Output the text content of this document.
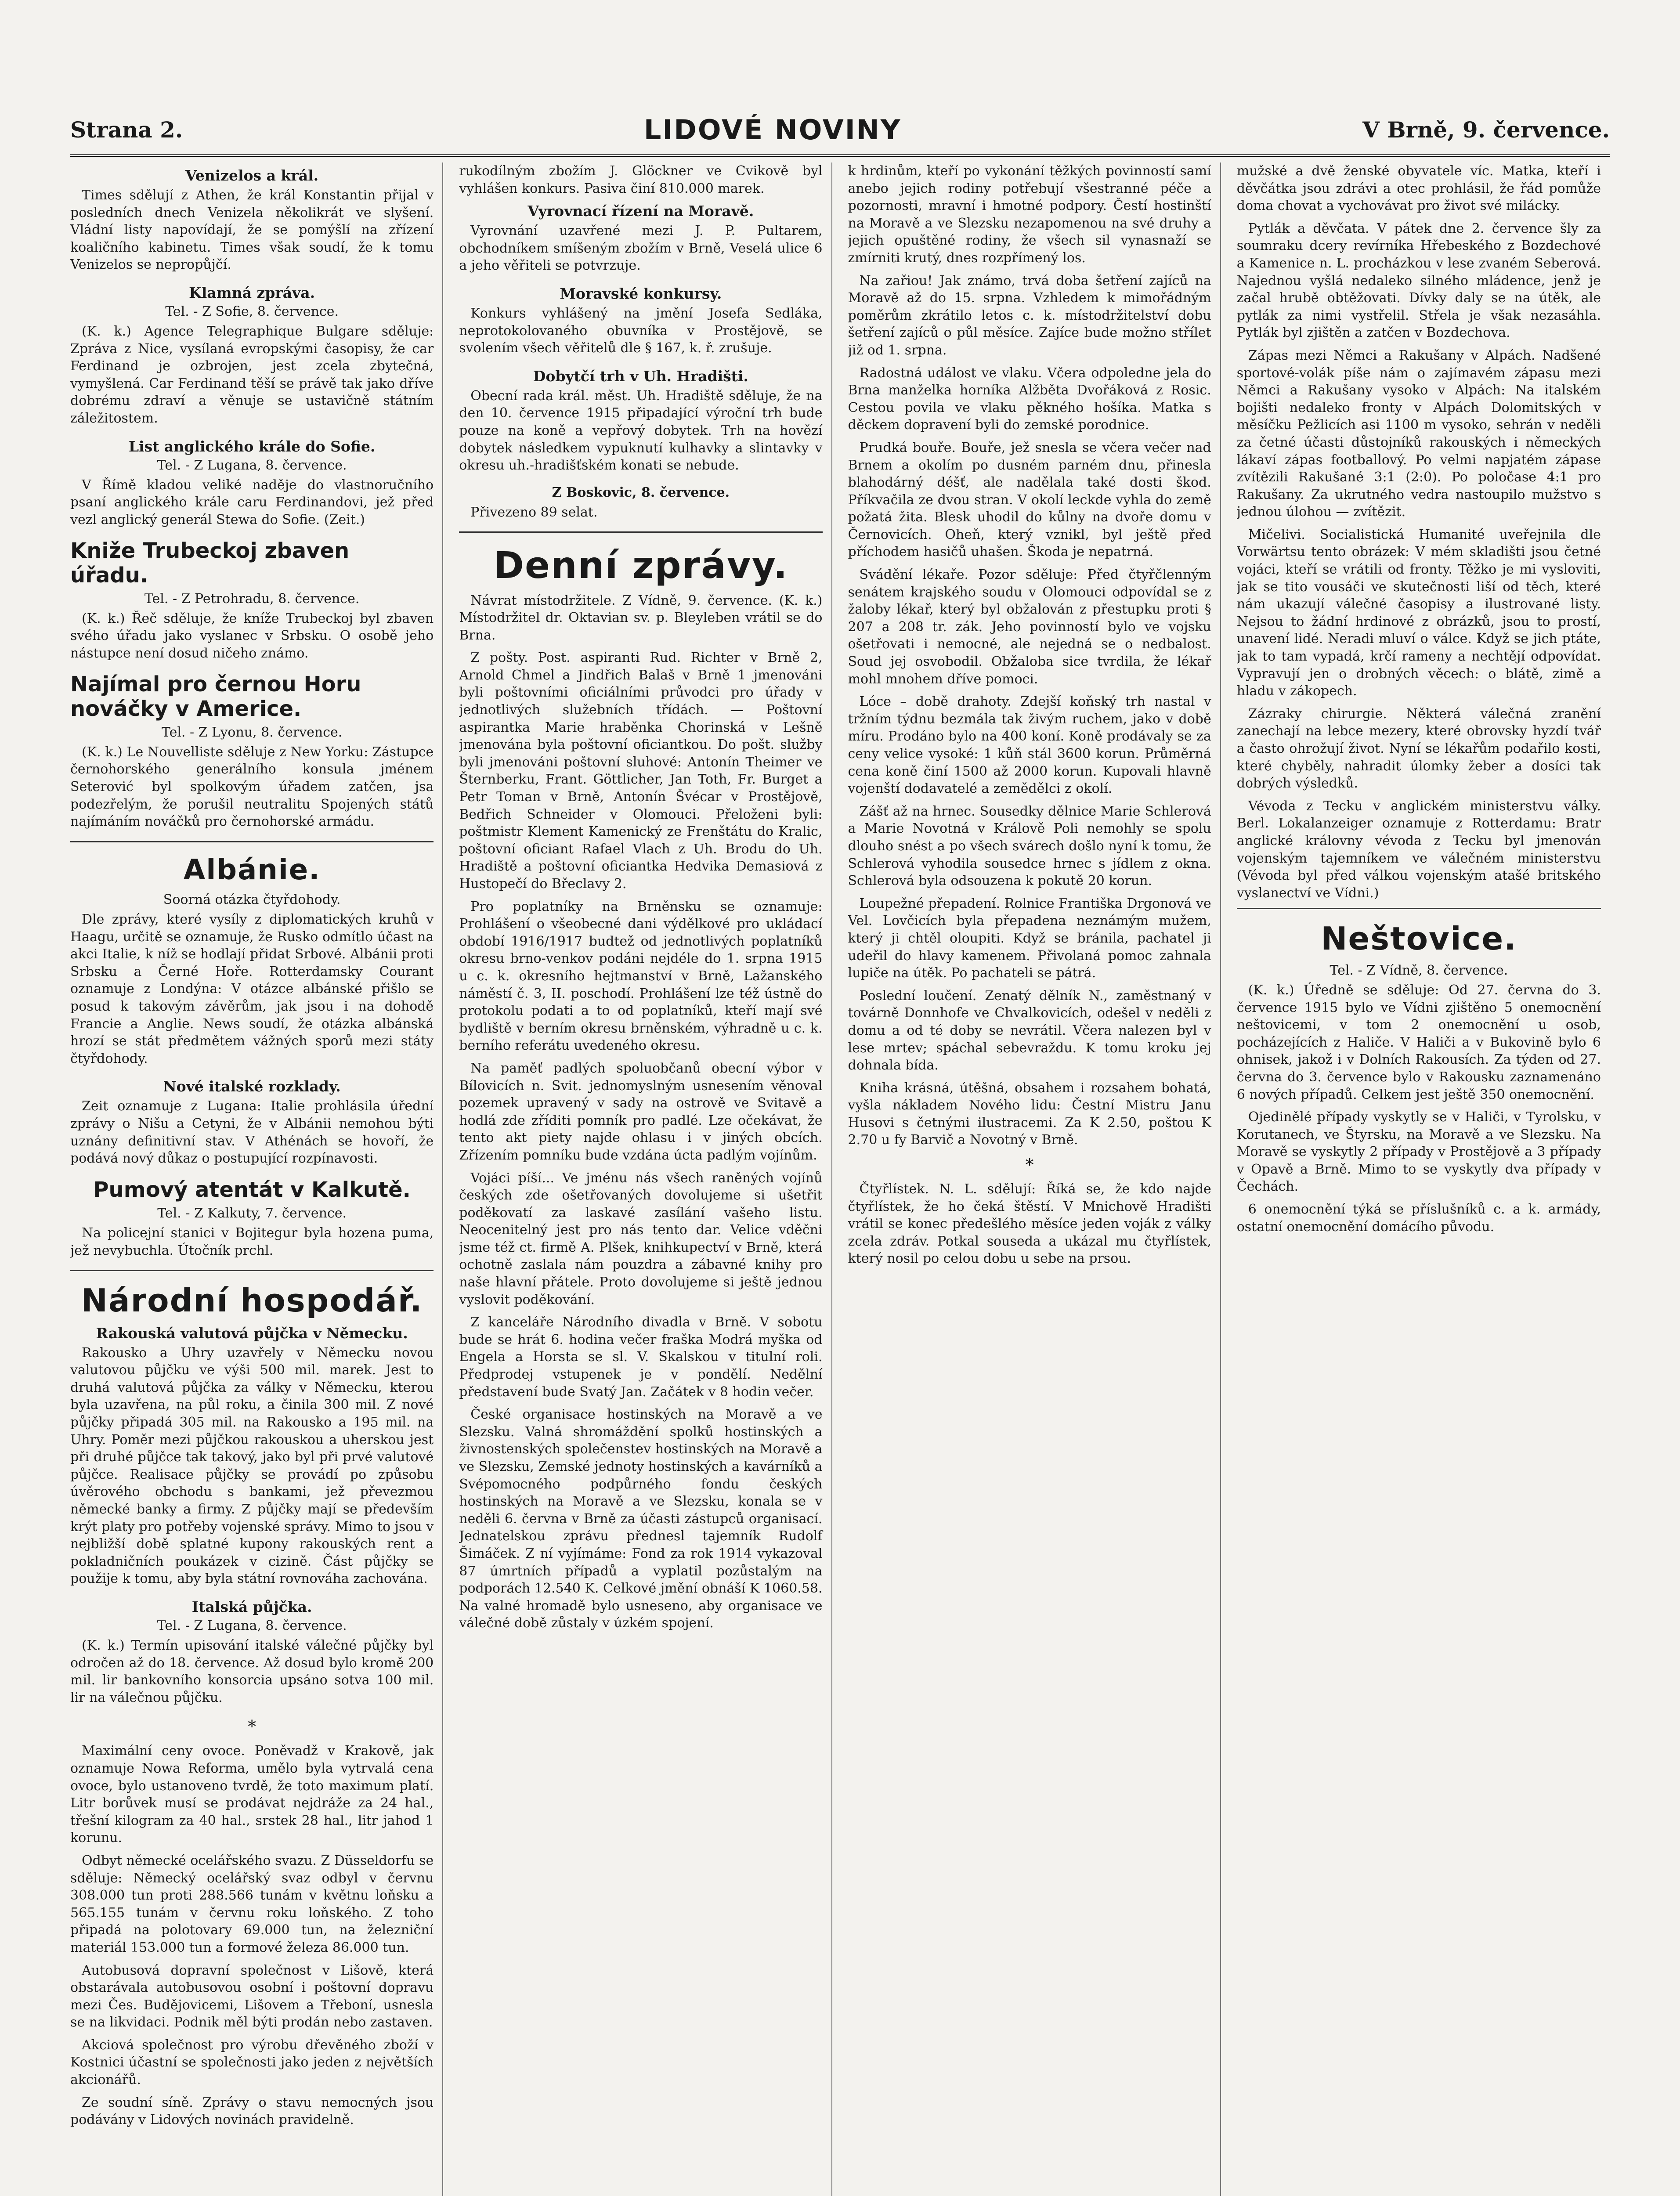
Strana 2.	LIDOVÉ NOVINY	V Brně, 9. července.
Venizelos a král.

Times sdělují z Athen, že král Konstantin přijal v posledních dnech Venizela několikrát ve slyšení. Vládní listy napovídají, že se pomýšlí na zřízení koaličního kabinetu. Times však soudí, že k tomu Venizelos se nepropůjčí.

Klamná zpráva.
Tel. - Z Sofie, 8. července.

(K. k.) Agence Telegraphique Bulgare sděluje: Zpráva z Nice, vysílaná evropskými časopisy, že car Ferdinand je ozbrojen, jest zcela zbytečná, vymyšlená. Car Ferdinand těší se právě tak jako dříve dobrému zdraví a věnuje se ustavičně státním záležitostem.

List anglického krále do Sofie.
Tel. - Z Lugana, 8. července.

V Římě kladou veliké naděje do vlastnoručního psaní anglického krále caru Ferdinandovi, jež před vezl anglický generál Stewa do Sofie. (Zeit.)

Kniže Trubeckoj zbaven úřadu.
Tel. - Z Petrohradu, 8. července.

(K. k.) Řeč sděluje, že kníže Trubeckoj byl zbaven svého úřadu jako vyslanec v Srbsku. O osobě jeho nástupce není dosud ničeho známo.

Najímal pro černou Horu nováčky v Americe.
Tel. - Z Lyonu, 8. července.

(K. k.) Le Nouvelliste sděluje z New Yorku: Zástupce černohorského generálního konsula jménem Seterović byl spolkovým úřadem zatčen, jsa podezřelým, že porušil neutralitu Spojených států najímáním nováčků pro černohorské armádu.

Albánie.
Soorná otázka čtyřdohody.

Dle zprávy, které vysíly z diplomatických kruhů v Haagu, určitě se oznamuje, že Rusko odmítlo účast na akci Italie, k níž se hodlají přidat Srbové. Albánii proti Srbsku a Černé Hoře. Rotterdamsky Courant oznamuje z Londýna: V otázce albánské přišlo se posud k takovým závěrům, jak jsou i na dohodě Francie a Anglie. News soudí, že otázka albánská hrozí se stát předmětem vážných sporů mezi státy čtyřdohody.

Nové italské rozklady.

Zeit oznamuje z Lugana: Italie prohlásila úřední zprávy o Nišu a Cetyni, že v Albánii nemohou býti uznány definitivní stav. V Athénách se hovoří, že podává nový důkaz o postupující rozpínavosti.

Pumový atentát v Kalkutě.
Tel. - Z Kalkuty, 7. července.

Na policejní stanici v Bojitegur byla hozena puma, jež nevybuchla. Útočník prchl.

Národní hospodář.
Rakouská valutová půjčka v Německu.

Rakousko a Uhry uzavřely v Německu novou valutovou půjčku ve výši 500 mil. marek. Jest to druhá valutová půjčka za války v Německu, kterou byla uzavřena, na půl roku, a činila 300 mil. Z nové půjčky připadá 305 mil. na Rakousko a 195 mil. na Uhry. Poměr mezi půjčkou rakouskou a uherskou jest při druhé půjčce tak takový, jako byl při prvé valutové půjčce. Realisace půjčky se provádí po způsobu úvěrového obchodu s bankami, jež převezmou německé banky a firmy. Z půjčky mají se především krýt platy pro potřeby vojenské správy. Mimo to jsou v nejbližší době splatné kupony rakouských rent a pokladničních poukázek v cizině. Část půjčky se použije k tomu, aby byla státní rovnováha zachována.

Italská půjčka.
Tel. - Z Lugana, 8. července.

(K. k.) Termín upisování italské válečné půjčky byl odročen až do 18. července. Až dosud bylo kromě 200 mil. lir bankovního konsorcia upsáno sotva 100 mil. lir na válečnou půjčku.

*

Maximální ceny ovoce. Poněvadž v Krakově, jak oznamuje Nowa Reforma, umělo byla vytrvalá cena ovoce, bylo ustanoveno tvrdě, že toto maximum platí. Litr borůvek musí se prodávat nejdráže za 24 hal., třešní kilogram za 40 hal., srstek 28 hal., litr jahod 1 korunu.

Odbyt německé ocelářského svazu. Z Düsseldorfu se sděluje: Německý ocelářský svaz odbyl v červnu 308.000 tun proti 288.566 tunám v květnu loňsku a 565.155 tunám v červnu roku loňského. Z toho připadá na polotovary 69.000 tun, na železniční materiál 153.000 tun a formové železa 86.000 tun.

Autobusová dopravní společnost v Lišově, která obstarávala autobusovou osobní i poštovní dopravu mezi Čes. Budějovicemi, Lišovem a Třeboní, usnesla se na likvidaci. Podnik měl býti prodán nebo zastaven.

Akciová společnost pro výrobu dřevěného zboží v Kostnici účastní se společnosti jako jeden z největších akcionářů.

Ze soudní síně. Zprávy o stavu nemocných jsou podávány v Lidových novinách pravidelně.

rukodílným zbožím J. Glöckner ve Cvikově byl vyhlášen konkurs. Pasiva činí 810.000 marek.

Vyrovnací řízení na Moravě.

Vyrovnání uzavřené mezi J. P. Pultarem, obchodníkem smíšeným zbožím v Brně, Veselá ulice 6 a jeho věřiteli se potvrzuje.

Moravské konkursy.

Konkurs vyhlášený na jmění Josefa Sedláka, neprotokolovaného obuvníka v Prostějově, se svolením všech věřitelů dle § 167, k. ř. zrušuje.

Dobytčí trh v Uh. Hradišti.

Obecní rada král. měst. Uh. Hradiště sděluje, že na den 10. července 1915 připadající výroční trh bude pouze na koně a vepřový dobytek. Trh na hovězí dobytek následkem vypuknutí kulhavky a slintavky v okresu uh.-hradišťském konati se nebude.

Z Boskovic, 8. července.

Přivezeno 89 selat.

Denní zprávy.

Návrat místodržitele. Z Vídně, 9. července. (K. k.) Místodržitel dr. Oktavian sv. p. Bleyleben vrátil se do Brna.

Z pošty. Post. aspiranti Rud. Richter v Brně 2, Arnold Chmel a Jindřich Balaš v Brně 1 jmenováni byli poštovními oficiálními průvodci pro úřady v jednotlivých služebních třídách. — Poštovní aspirantka Marie hraběnka Chorinská v Lešně jmenována byla poštovní oficiantkou. Do pošt. služby byli jmenováni poštovní sluhové: Antonín Theimer ve Šternberku, Frant. Göttlicher, Jan Toth, Fr. Burget a Petr Toman v Brně, Antonín Švécar v Prostějově, Bedřich Schneider v Olomouci. Přeloženi byli: poštmistr Klement Kamenický ze Frenštátu do Kralic, poštovní oficiant Rafael Vlach z Uh. Brodu do Uh. Hradiště a poštovní oficiantka Hedvika Demasiová z Hustopečí do Břeclavy 2.

Pro poplatníky na Brněnsku se oznamuje: Prohlášení o všeobecné dani výdělkové pro ukládací období 1916/1917 budtež od jednotlivých poplatníků okresu brno-venkov podáni nejdéle do 1. srpna 1915 u c. k. okresního hejtmanství v Brně, Lažanského náměstí č. 3, II. poschodí. Prohlášení lze též ústně do protokolu podati a to od poplatníků, kteří mají své bydliště v berním okresu brněnském, výhradně u c. k. berního referátu uvedeného okresu.

Na paměť padlých spoluobčanů obecní výbor v Bílovicích n. Svit. jednomyslným usnesením věnoval pozemek upravený v sady na ostrově ve Svitavě a hodlá zde zříditi pomník pro padlé. Lze očekávat, že tento akt piety najde ohlasu i v jiných obcích. Zřízením pomníku bude vzdána úcta padlým vojínům.

Vojáci píší... Ve jménu nás všech raněných vojínů českých zde ošetřovaných dovolujeme si ušetřit poděkovatí za laskavé zasílání vašeho listu. Neocenitelný jest pro nás tento dar. Velice vděčni jsme též ct. firmě A. Plšek, knihkupectví v Brně, která ochotně zaslala nám pouzdra a zábavné knihy pro naše hlavní přátele. Proto dovolujeme si ještě jednou vyslovit poděkování.

Z kanceláře Národního divadla v Brně. V sobotu bude se hrát 6. hodina večer fraška Modrá myška od Engela a Horsta se sl. V. Skalskou v titulní roli. Předprodej vstupenek je v pondělí. Nedělní představení bude Svatý Jan. Začátek v 8 hodin večer.

České organisace hostinských na Moravě a ve Slezsku. Valná shromáždění spolků hostinských a živnostenských společenstev hostinských na Moravě a ve Slezsku, Zemské jednoty hostinských a kavárníků a Svépomocného podpůrného fondu českých hostinských na Moravě a ve Slezsku, konala se v neděli 6. června v Brně za účasti zástupců organisací. Jednatelskou zprávu přednesl tajemník Rudolf Šimáček. Z ní vyjímáme: Fond za rok 1914 vykazoval 87 úmrtních případů a vyplatil pozůstalým na podporách 12.540 K. Celkové jmění obnáší K 1060.58. Na valné hromadě bylo usneseno, aby organisace ve válečné době zůstaly v úzkém spojení.

k hrdinům, kteří po vykonání těžkých povinností samí anebo jejich rodiny potřebují všestranné péče a pozornosti, mravní i hmotné podpory. Čestí hostinští na Moravě a ve Slezsku nezapomenou na své druhy a jejich opuštěné rodiny, že všech sil vynasnaží se zmírniti krutý, dnes rozpřímený los.

Na zařiou! Jak známo, trvá doba šetření zajíců na Moravě až do 15. srpna. Vzhledem k mimořádným poměrům zkrátilo letos c. k. místodržitelství dobu šetření zajíců o půl měsíce. Zajíce bude možno střílet již od 1. srpna.

Radostná událost ve vlaku. Včera odpoledne jela do Brna manželka horníka Alžběta Dvořáková z Rosic. Cestou povila ve vlaku pěkného hošíka. Matka s děckem dopravení byli do zemské porodnice.

Prudká bouře. Bouře, jež snesla se včera večer nad Brnem a okolím po dusném parném dnu, přinesla blahodárný déšť, ale nadělala také dosti škod. Příkvačila ze dvou stran. V okolí leckde vyhla do země požatá žita. Blesk uhodil do kůlny na dvoře domu v Černovicích. Oheň, který vznikl, byl ještě před příchodem hasičů uhašen. Škoda je nepatrná.

Svádění lékaře. Pozor sděluje: Před čtyřčlenným senátem krajského soudu v Olomouci odpovídal se z žaloby lékař, který byl obžalován z přestupku proti § 207 a 208 tr. zák. Jeho povinností bylo ve vojsku ošetřovati i nemocné, ale nejedná se o nedbalost. Soud jej osvobodil. Obžaloba sice tvrdila, že lékař mohl mnohem dříve pomoci.

Lóce – době drahoty. Zdejší koňský trh nastal v tržním týdnu bezmála tak živým ruchem, jako v době míru. Prodáno bylo na 400 koní. Koně prodávaly se za ceny velice vysoké: 1 kůň stál 3600 korun. Průměrná cena koně činí 1500 až 2000 korun. Kupovali hlavně vojenští dodavatelé a zemědělci z okolí.

Zášť až na hrnec. Sousedky dělnice Marie Schlerová a Marie Novotná v Králově Poli nemohly se spolu dlouho snést a po všech svárech došlo nyní k tomu, že Schlerová vyhodila sousedce hrnec s jídlem z okna. Schlerová byla odsouzena k pokutě 20 korun.

Loupežné přepadení. Rolnice Františka Drgonová ve Vel. Lovčicích byla přepadena neznámým mužem, který ji chtěl oloupiti. Když se bránila, pachatel ji udeřil do hlavy kamenem. Přivolaná pomoc zahnala lupiče na útěk. Po pachateli se pátrá.

Poslední loučení. Zenatý dělník N., zaměstnaný v továrně Donnhofe ve Chvalkovicích, odešel v neděli z domu a od té doby se nevrátil. Včera nalezen byl v lese mrtev; spáchal sebevraždu. K tomu kroku jej dohnala bída.

Kniha krásná, útěšná, obsahem i rozsahem bohatá, vyšla nákladem Nového lidu: Čestní Mistru Janu Husovi s četnými ilustracemi. Za K 2.50, poštou K 2.70 u fy Barvič a Novotný v Brně.

*

Čtyřlístek. N. L. sdělují: Říká se, že kdo najde čtyřlístek, že ho čeká štěstí. V Mnichově Hradišti vrátil se konec předešlého měsíce jeden voják z války zcela zdráv. Potkal souseda a ukázal mu čtyřlístek, který nosil po celou dobu u sebe na prsou.

mužské a dvě ženské obyvatele víc. Matka, kteří i děvčátka jsou zdrávi a otec prohlásil, že řád pomůže doma chovat a vychovávat pro život své milácky.

Pytlák a děvčata. V pátek dne 2. července šly za soumraku dcery revírníka Hřebeského z Bozdechové a Kamenice n. L. procházkou v lese zvaném Seberová. Najednou vyšlá nedaleko silného mládence, jenž je začal hrubě obtěžovati. Dívky daly se na útěk, ale pytlák za nimi vystřelil. Střela je však nezasáhla. Pytlák byl zjištěn a zatčen v Bozdechova.

Zápas mezi Němci a Rakušany v Alpách. Nadšené sportové-volák píše nám o zajímavém zápasu mezi Němci a Rakušany vysoko v Alpách: Na italském bojišti nedaleko fronty v Alpách Dolomitských v měsíčku Pežlicích asi 1100 m vysoko, sehrán v neděli za četné účasti důstojníků rakouských i německých lákaví zápas footballový. Po velmi napjatém zápase zvítězili Rakušané 3:1 (2:0). Po poločase 4:1 pro Rakušany. Za ukrutného vedra nastoupilo mužstvo s jednou úlohou — zvítězit.

Mičelivi. Socialistická Humanité uveřejnila dle Vorwärtsu tento obrázek: V mém skladišti jsou četné vojáci, kteří se vrátili od fronty. Těžko je mi vysloviti, jak se tito vousáči ve skutečnosti liší od těch, které nám ukazují válečné časopisy a ilustrované listy. Nejsou to žádní hrdinové z obrázků, jsou to prostí, unavení lidé. Neradi mluví o válce. Když se jich ptáte, jak to tam vypadá, krčí rameny a nechtějí odpovídat. Vypravují jen o drobných věcech: o blátě, zimě a hladu v zákopech.

Zázraky chirurgie. Některá válečná zranění zanechají na lebce mezery, které obrovsky hyzdí tvář a často ohrožují život. Nyní se lékařům podařilo kosti, které chyběly, nahradit úlomky žeber a dosíci tak dobrých výsledků.

Vévoda z Tecku v anglickém ministerstvu války. Berl. Lokalanzeiger oznamuje z Rotterdamu: Bratr anglické královny vévoda z Tecku byl jmenován vojenským tajemníkem ve válečném ministerstvu (Vévoda byl před válkou vojenským atašé britského vyslanectví ve Vídni.)

Neštovice.
Tel. - Z Vídně, 8. července.

(K. k.) Úředně se sděluje: Od 27. června do 3. července 1915 bylo ve Vídni zjištěno 5 onemocnění neštovicemi, v tom 2 onemocnění u osob, pocházejících z Haliče. V Haliči a v Bukovině bylo 6 ohnisek, jakož i v Dolních Rakousích. Za týden od 27. června do 3. července bylo v Rakousku zaznamenáno 6 nových případů. Celkem jest ještě 350 onemocnění.

Ojedinělé případy vyskytly se v Haliči, v Tyrolsku, v Korutanech, ve Štyrsku, na Moravě a ve Slezsku. Na Moravě se vyskytly 2 případy v Prostějově a 3 případy v Opavě a Brně. Mimo to se vyskytly dva případy v Čechách.

6 onemocnění týká se příslušníků c. a k. armády, ostatní onemocnění domácího původu.
